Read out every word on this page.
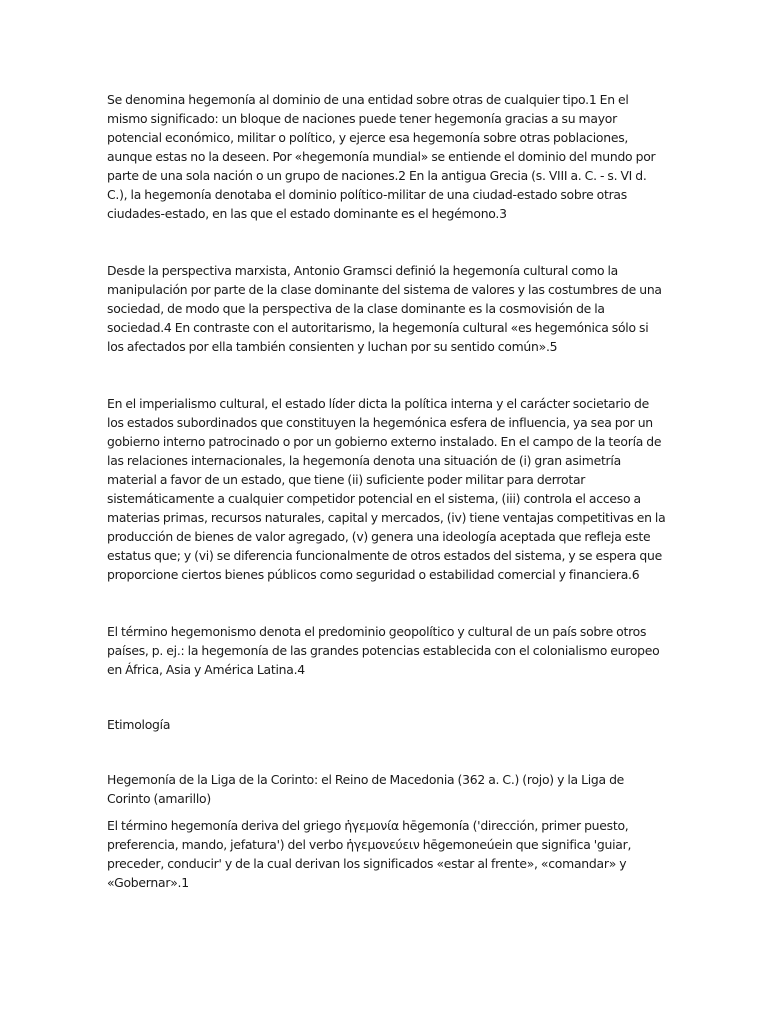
Se denomina hegemonía al dominio de una entidad sobre otras de cualquier tipo.1 En el mismo significado: un bloque de naciones puede tener hegemonía gracias a su mayor potencial económico, militar o político, y ejerce esa hegemonía sobre otras poblaciones, aunque estas no la deseen. Por «hegemonía mundial» se entiende el dominio del mundo por parte de una sola nación o un grupo de naciones.2 En la antigua Grecia (s. VIII a. C. - s. VI d. C.), la hegemonía denotaba el dominio político-militar de una ciudad-estado sobre otras ciudades-estado, en las que el estado dominante es el hegémono.3

Desde la perspectiva marxista, Antonio Gramsci definió la hegemonía cultural como la manipulación por parte de la clase dominante del sistema de valores y las costumbres de una sociedad, de modo que la perspectiva de la clase dominante es la cosmovisión de la sociedad.4 En contraste con el autoritarismo, la hegemonía cultural «es hegemónica sólo si los afectados por ella también consienten y luchan por su sentido común».5

En el imperialismo cultural, el estado líder dicta la política interna y el carácter societario de los estados subordinados que constituyen la hegemónica esfera de influencia, ya sea por un gobierno interno patrocinado o por un gobierno externo instalado. En el campo de la teoría de las relaciones internacionales, la hegemonía denota una situación de (i) gran asimetría material a favor de un estado, que tiene (ii) suficiente poder militar para derrotar sistemáticamente a cualquier competidor potencial en el sistema, (iii) controla el acceso a materias primas, recursos naturales, capital y mercados, (iv) tiene ventajas competitivas en la producción de bienes de valor agregado, (v) genera una ideología aceptada que refleja este estatus que; y (vi) se diferencia funcionalmente de otros estados del sistema, y se espera que proporcione ciertos bienes públicos como seguridad o estabilidad comercial y financiera.6

El término hegemonismo denota el predominio geopolítico y cultural de un país sobre otros países, p. ej.: la hegemonía de las grandes potencias establecida con el colonialismo europeo en África, Asia y América Latina.4

Etimología

Hegemonía de la Liga de la Corinto: el Reino de Macedonia (362 a. C.) (rojo) y la Liga de Corinto (amarillo)

El término hegemonía deriva del griego ἡγεμονία hēgemonía ('dirección, primer puesto, preferencia, mando, jefatura') del verbo ἡγεμονεύειν hēgemoneúein que significa 'guiar, preceder, conducir' y de la cual derivan los significados «estar al frente», «comandar» y «Gobernar».1
